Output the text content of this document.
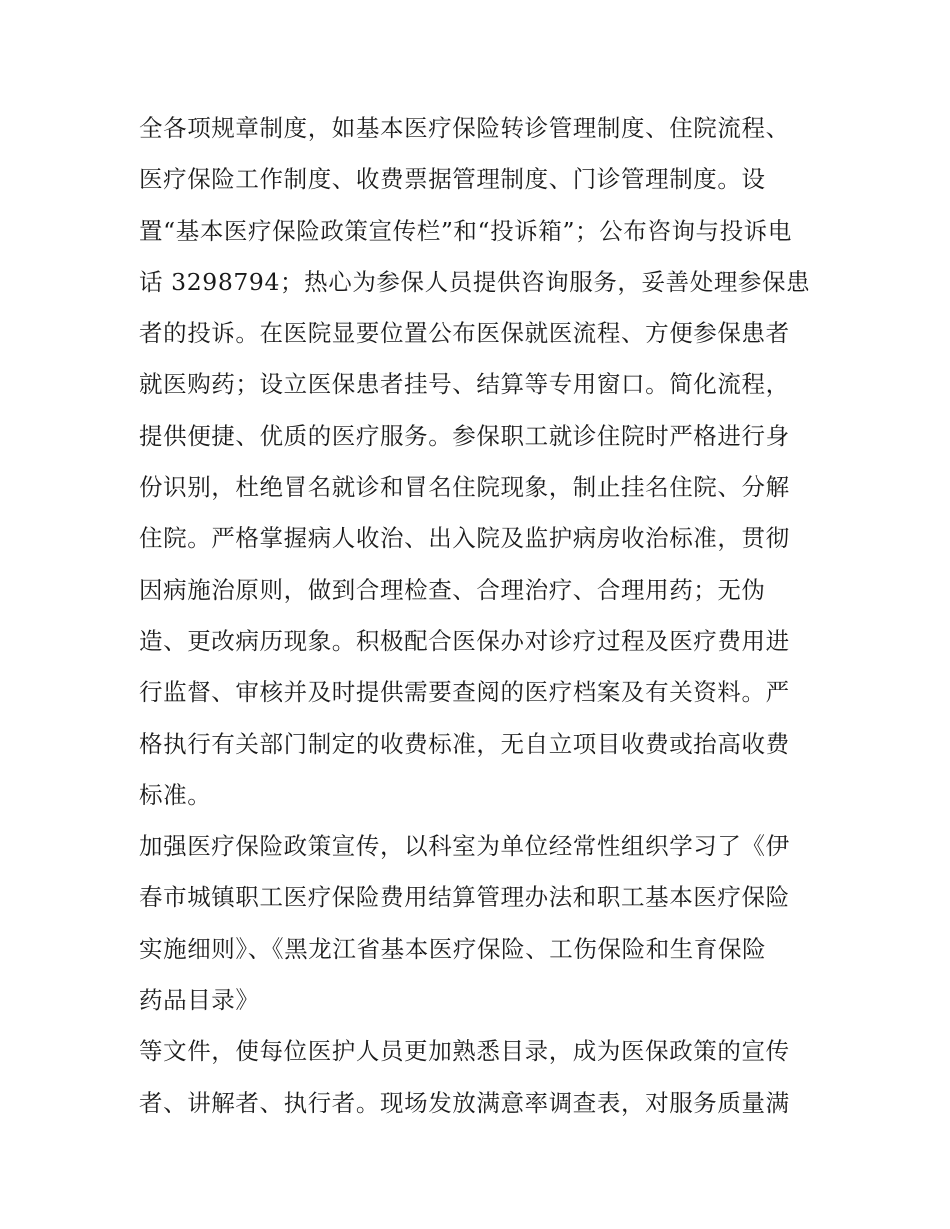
全各项规章制度，如基本医疗保险转诊管理制度、住院流程、
医疗保险工作制度、收费票据管理制度、门诊管理制度。设
置“基本医疗保险政策宣传栏”和“投诉箱”；公布咨询与投诉电
话 3298794；热心为参保人员提供咨询服务，妥善处理参保患
者的投诉。在医院显要位置公布医保就医流程、方便参保患者
就医购药；设立医保患者挂号、结算等专用窗口。简化流程，
提供便捷、优质的医疗服务。参保职工就诊住院时严格进行身
份识别，杜绝冒名就诊和冒名住院现象，制止挂名住院、分解
住院。严格掌握病人收治、出入院及监护病房收治标准，贯彻
因病施治原则，做到合理检查、合理治疗、合理用药；无伪
造、更改病历现象。积极配合医保办对诊疗过程及医疗费用进
行监督、审核并及时提供需要查阅的医疗档案及有关资料。严
格执行有关部门制定的收费标准，无自立项目收费或抬高收费
标准。
加强医疗保险政策宣传，以科室为单位经常性组织学习了《伊
春市城镇职工医疗保险费用结算管理办法和职工基本医疗保险
实施细则》、《黑龙江省基本医疗保险、工伤保险和生育保险
药品目录》
等文件，使每位医护人员更加熟悉目录，成为医保政策的宣传
者、讲解者、执行者。现场发放满意率调查表，对服务质量满
